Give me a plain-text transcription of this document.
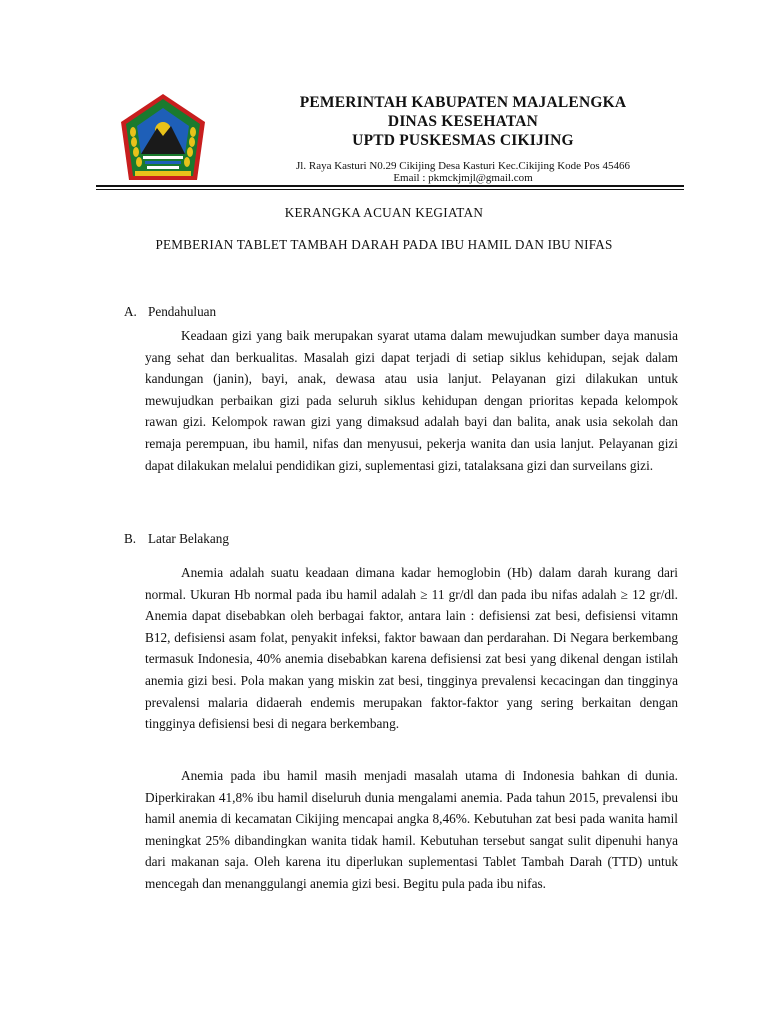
PEMERINTAH KABUPATEN MAJALENGKA
DINAS KESEHATAN
UPTD PUSKESMAS CIKIJING
Jl. Raya Kasturi N0.29 Cikijing Desa Kasturi Kec.Cikijing Kode Pos 45466
Email : pkmckjmjl@gmail.com
KERANGKA ACUAN KEGIATAN
PEMBERIAN TABLET TAMBAH DARAH PADA IBU HAMIL DAN IBU NIFAS
A. Pendahuluan

Keadaan gizi yang baik merupakan syarat utama dalam mewujudkan sumber daya manusia yang sehat dan berkualitas. Masalah gizi dapat terjadi di setiap siklus kehidupan, sejak dalam kandungan (janin), bayi, anak, dewasa atau usia lanjut. Pelayanan gizi dilakukan untuk mewujudkan perbaikan gizi pada seluruh siklus kehidupan dengan prioritas kepada kelompok rawan gizi. Kelompok rawan gizi yang dimaksud adalah bayi dan balita, anak usia sekolah dan remaja perempuan, ibu hamil, nifas dan menyusui, pekerja wanita dan usia lanjut. Pelayanan gizi dapat dilakukan melalui pendidikan gizi, suplementasi gizi, tatalaksana gizi dan surveilans gizi.

B. Latar Belakang

Anemia adalah suatu keadaan dimana kadar hemoglobin (Hb) dalam darah kurang dari normal. Ukuran Hb normal pada ibu hamil adalah ≥ 11 gr/dl dan pada ibu nifas adalah ≥ 12 gr/dl. Anemia dapat disebabkan oleh berbagai faktor, antara lain : defisiensi zat besi, defisiensi vitamn B12, defisiensi asam folat, penyakit infeksi, faktor bawaan dan perdarahan. Di Negara berkembang termasuk Indonesia, 40% anemia disebabkan karena defisiensi zat besi yang dikenal dengan istilah anemia gizi besi. Pola makan yang miskin zat besi, tingginya prevalensi kecacingan dan tingginya prevalensi malaria didaerah endemis merupakan faktor-faktor yang sering berkaitan dengan tingginya defisiensi besi di negara berkembang.

Anemia pada ibu hamil masih menjadi masalah utama di Indonesia bahkan di dunia. Diperkirakan 41,8% ibu hamil diseluruh dunia mengalami anemia. Pada tahun 2015, prevalensi ibu hamil anemia di kecamatan Cikijing mencapai angka 8,46%. Kebutuhan zat besi pada wanita hamil meningkat 25% dibandingkan wanita tidak hamil. Kebutuhan tersebut sangat sulit dipenuhi hanya dari makanan saja. Oleh karena itu diperlukan suplementasi Tablet Tambah Darah (TTD) untuk mencegah dan menanggulangi anemia gizi besi. Begitu pula pada ibu nifas.
